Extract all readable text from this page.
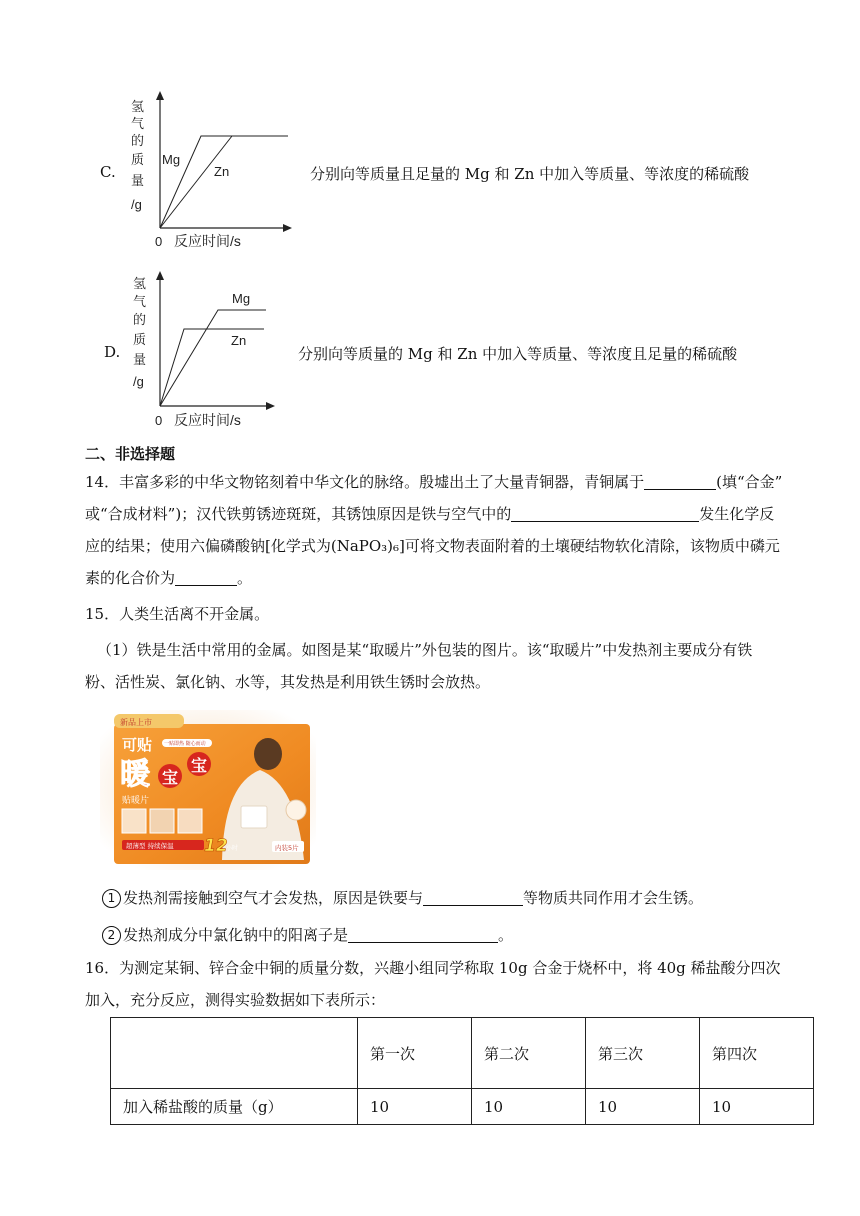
C.
氢
气
的
质
量
/g
Mg
Zn
0 反应时间/s
分别向等质量且足量的 Mg 和 Zn 中加入等质量、等浓度的稀硫酸
D.
氢
气
的
质
量
/g
Mg
Zn
0 反应时间/s
分别向等质量的 Mg 和 Zn 中加入等质量、等浓度且足量的稀硫酸
二、非选择题
14．丰富多彩的中华文物铭刻着中华文化的脉络。殷墟出土了大量青铜器，青铜属于	(填“合金”
或“合成材料”)；汉代铁剪锈迹斑斑，其锈蚀原因是铁与空气中的	发生化学反
应的结果；使用六偏磷酸钠[化学式为(NaPO₃)₆]可将文物表面附着的土壤硬结物软化清除，该物质中磷元
素的化合价为	。
15．人类生活离不开金属。
（1）铁是生活中常用的金属。如图是某“取暖片”外包装的图片。该“取暖片”中发热剂主要成分有铁
粉、活性炭、氯化钠、水等，其发热是利用铁生锈时会放热。
新品上市
可贴
暖 宝
宝
一贴即热 随心而动
贴暖片
超薄型 持续保温 12
小时	内装5片
1 发热剂需接触到空气才会发热，原因是铁要与	等物质共同作用才会生锈。
2 发热剂成分中氯化钠中的阳离子是	。
16．为测定某铜、锌合金中铜的质量分数，兴趣小组同学称取 10g 合金于烧杯中，将 40g 稀盐酸分四次
加入，充分反应，测得实验数据如下表所示：
	第一次	第二次	第三次	第四次
加入稀盐酸的质量（g）	10	10	10	10
